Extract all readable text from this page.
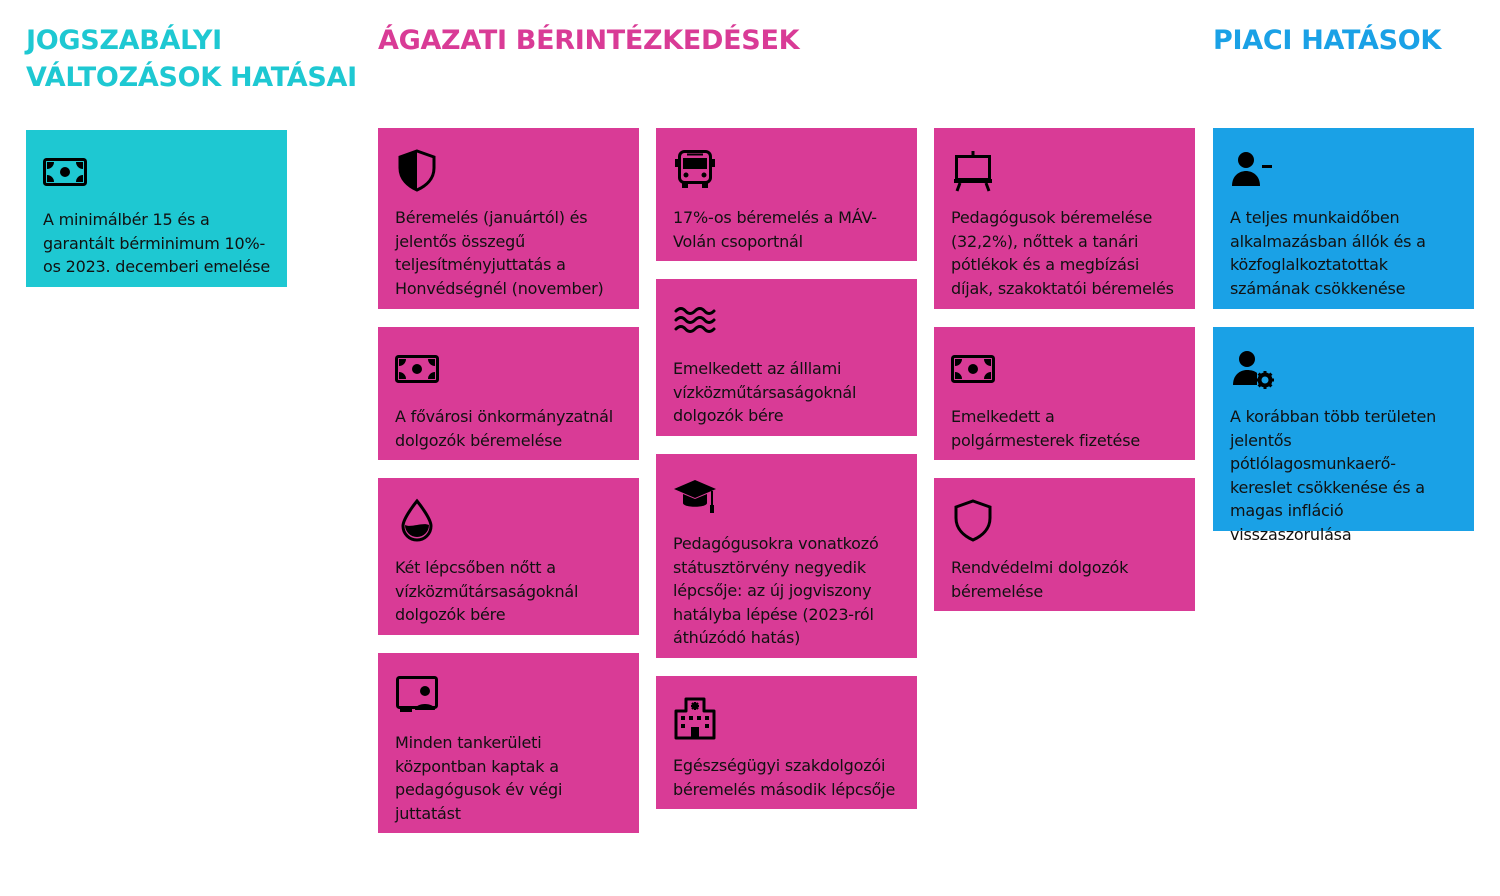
JOGSZABÁLYI
VÁLTOZÁSOK HATÁSAI
ÁGAZATI BÉRINTÉZKEDÉSEK	PIACI HATÁSOK
A minimálbér 15 és a garantált bérminimum 10%-os 2023. decemberi emelése
Béremelés (januártól) és jelentős összegű teljesítményjuttatás a Honvédségnél (november)
A fővárosi önkormányzatnál dolgozók béremelése
Két lépcsőben nőtt a vízközműtársaságoknál dolgozók bére
Minden tankerületi központban kaptak a pedagógusok év végi juttatást
17%-os béremelés a MÁV-Volán csoportnál
Emelkedett az álllami vízközműtársaságoknál dolgozók bére
Pedagógusokra vonatkozó státusztörvény negyedik lépcsője: az új jogviszony hatályba lépése (2023-ról áthúzódó hatás)
Egészségügyi szakdolgozói béremelés második lépcsője
Pedagógusok béremelése (32,2%), nőttek a tanári pótlékok és a megbízási díjak, szakoktatói béremelés
Emelkedett a polgármesterek fizetése
Rendvédelmi dolgozók béremelése
A teljes munkaidőben alkalmazásban állók és a közfoglalkoztatottak számának csökkenése
A korábban több területen jelentős pótlólagosmunkaerő-kereslet csökkenése és a magas infláció visszaszorulása
